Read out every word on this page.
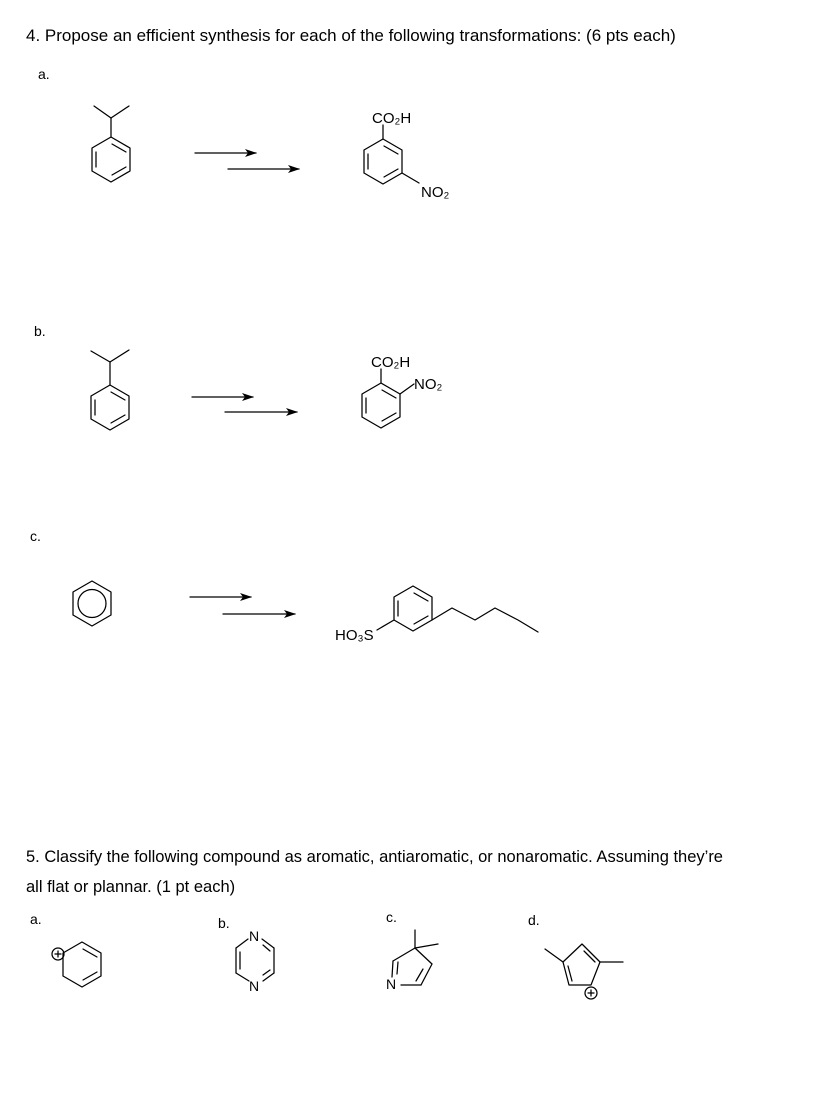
4. Propose an efficient synthesis for each of the following transformations: (6 pts each)
a.
b.
c.
5. Classify the following compound as aromatic, antiaromatic, or nonaromatic. Assuming they’re
all flat or plannar. (1 pt each)
a.	b.	c.	d.
CO₂H
NO₂
CO₂H
NO₂
HO₃S
N
N	N
